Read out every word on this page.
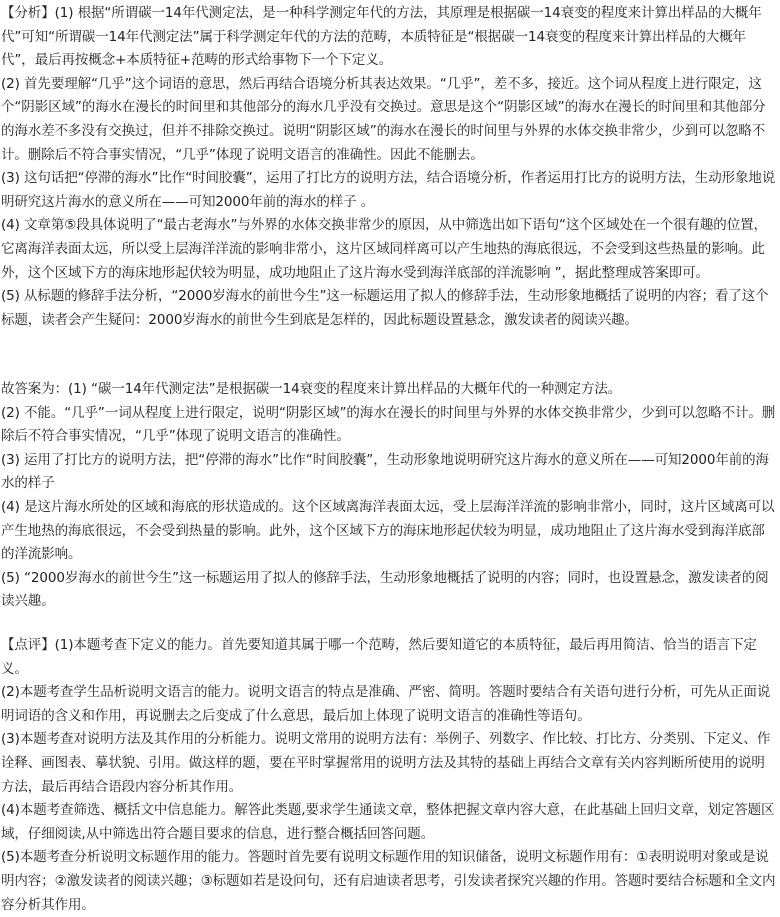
【分析】(1) 根据“所谓碳一14年代测定法，是一种科学测定年代的方法，其原理是根据碳一14衰变的程度来计算出样品的大概年代”可知“所谓碳一14年代测定法”属于科学测定年代的方法的范畴，本质特征是“根据碳一14衰变的程度来计算出样品的大概年代”，最后再按概念+本质特征+范畴的形式给事物下一个下定义。

(2) 首先要理解“几乎”这个词语的意思，然后再结合语境分析其表达效果。“几乎”，差不多，接近。这个词从程度上进行限定，这个“阴影区域”的海水在漫长的时间里和其他部分的海水几乎没有交换过。意思是这个“阴影区域”的海水在漫长的时间里和其他部分的海水差不多没有交换过，但并不排除交换过。说明“阴影区域”的海水在漫长的时间里与外界的水体交换非常少，少到可以忽略不计。删除后不符合事实情况，“几乎”体现了说明文语言的准确性。因此不能删去。

(3) 这句话把“停滞的海水”比作“时间胶囊”，运用了打比方的说明方法，结合语境分析，作者运用打比方的说明方法，生动形象地说明研究这片海水的意义所在——可知2000年前的海水的样子 。

(4) 文章第⑤段具体说明了“最古老海水”与外界的水体交换非常少的原因，从中筛选出如下语句“这个区域处在一个很有趣的位置，它离海洋表面太远，所以受上层海洋洋流的影响非常小，这片区域同样离可以产生地热的海底很远，不会受到这些热量的影响。此外，这个区域下方的海床地形起伏较为明显，成功地阻止了这片海水受到海洋底部的洋流影响 ”，据此整理成答案即可。

(5) 从标题的修辞手法分析，“2000岁海水的前世今生”这一标题运用了拟人的修辞手法，生动形象地概括了说明的内容；看了这个标题，读者会产生疑问：2000岁海水的前世今生到底是怎样的，因此标题设置悬念，激发读者的阅读兴趣。

故答案为：(1) “碳一14年代测定法”是根据碳一14衰变的程度来计算出样品的大概年代的一种测定方法。

(2) 不能。“几乎”一词从程度上进行限定，说明“阴影区域”的海水在漫长的时间里与外界的水体交换非常少，少到可以忽略不计。删除后不符合事实情况，“几乎”体现了说明文语言的准确性。

(3) 运用了打比方的说明方法，把“停滞的海水”比作“时间胶囊”，生动形象地说明研究这片海水的意义所在——可知2000年前的海水的样子

(4) 是这片海水所处的区域和海底的形状造成的。这个区域离海洋表面太远，受上层海洋洋流的影响非常小，同时，这片区域离可以产生地热的海底很远，不会受到热量的影响。此外，这个区域下方的海床地形起伏较为明显，成功地阻止了这片海水受到海洋底部的洋流影响。

(5) “2000岁海水的前世今生”这一标题运用了拟人的修辞手法，生动形象地概括了说明的内容；同时，也设置悬念，激发读者的阅读兴趣。

【点评】(1)本题考查下定义的能力。首先要知道其属于哪一个范畴，然后要知道它的本质特征，最后再用简洁、恰当的语言下定义。

(2)本题考查学生品析说明文语言的能力。说明文语言的特点是准确、严密、简明。答题时要结合有关语句进行分析，可先从正面说明词语的含义和作用，再说删去之后变成了什么意思，最后加上体现了说明文语言的准确性等语句。

(3)本题考查对说明方法及其作用的分析能力。说明文常用的说明方法有：举例子、列数字、作比较、打比方、分类别、下定义、作诠释、画图表、摹状貌、引用。做这样的题，要在平时掌握常用的说明方法及其特的基础上再结合文章有关内容判断所使用的说明方法，最后再结合语段内容分析其作用。

(4)本题考查筛选、概括文中信息能力。解答此类题,要求学生通读文章，整体把握文章内容大意，在此基础上回归文章，划定答题区域，仔细阅读,从中筛选出符合题目要求的信息，进行整合概括回答问题。

(5)本题考查分析说明文标题作用的能力。答题时首先要有说明文标题作用的知识储备，说明文标题作用有：①表明说明对象或是说明内容；②激发读者的阅读兴趣；③标题如若是设问句，还有启迪读者思考，引发读者探究兴趣的作用。答题时要结合标题和全文内容分析其作用。
